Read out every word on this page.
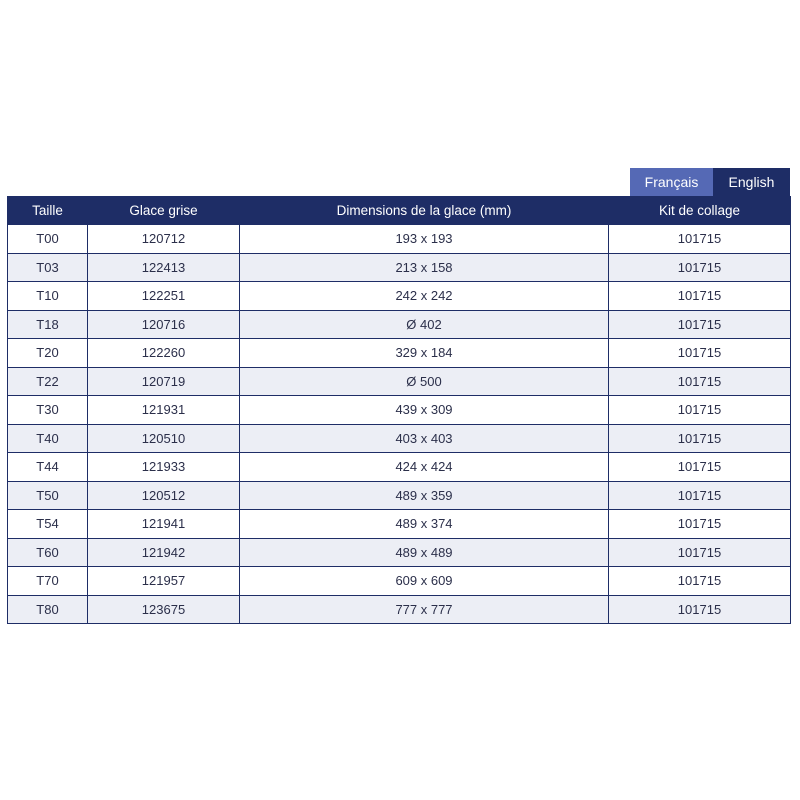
Français	English
Taille	Glace grise	Dimensions de la glace (mm)	Kit de collage
T00	120712	193 x 193	101715
T03	122413	213 x 158	101715
T10	122251	242 x 242	101715
T18	120716	Ø 402	101715
T20	122260	329 x 184	101715
T22	120719	Ø 500	101715
T30	121931	439 x 309	101715
T40	120510	403 x 403	101715
T44	121933	424 x 424	101715
T50	120512	489 x 359	101715
T54	121941	489 x 374	101715
T60	121942	489 x 489	101715
T70	121957	609 x 609	101715
T80	123675	777 x 777	101715
